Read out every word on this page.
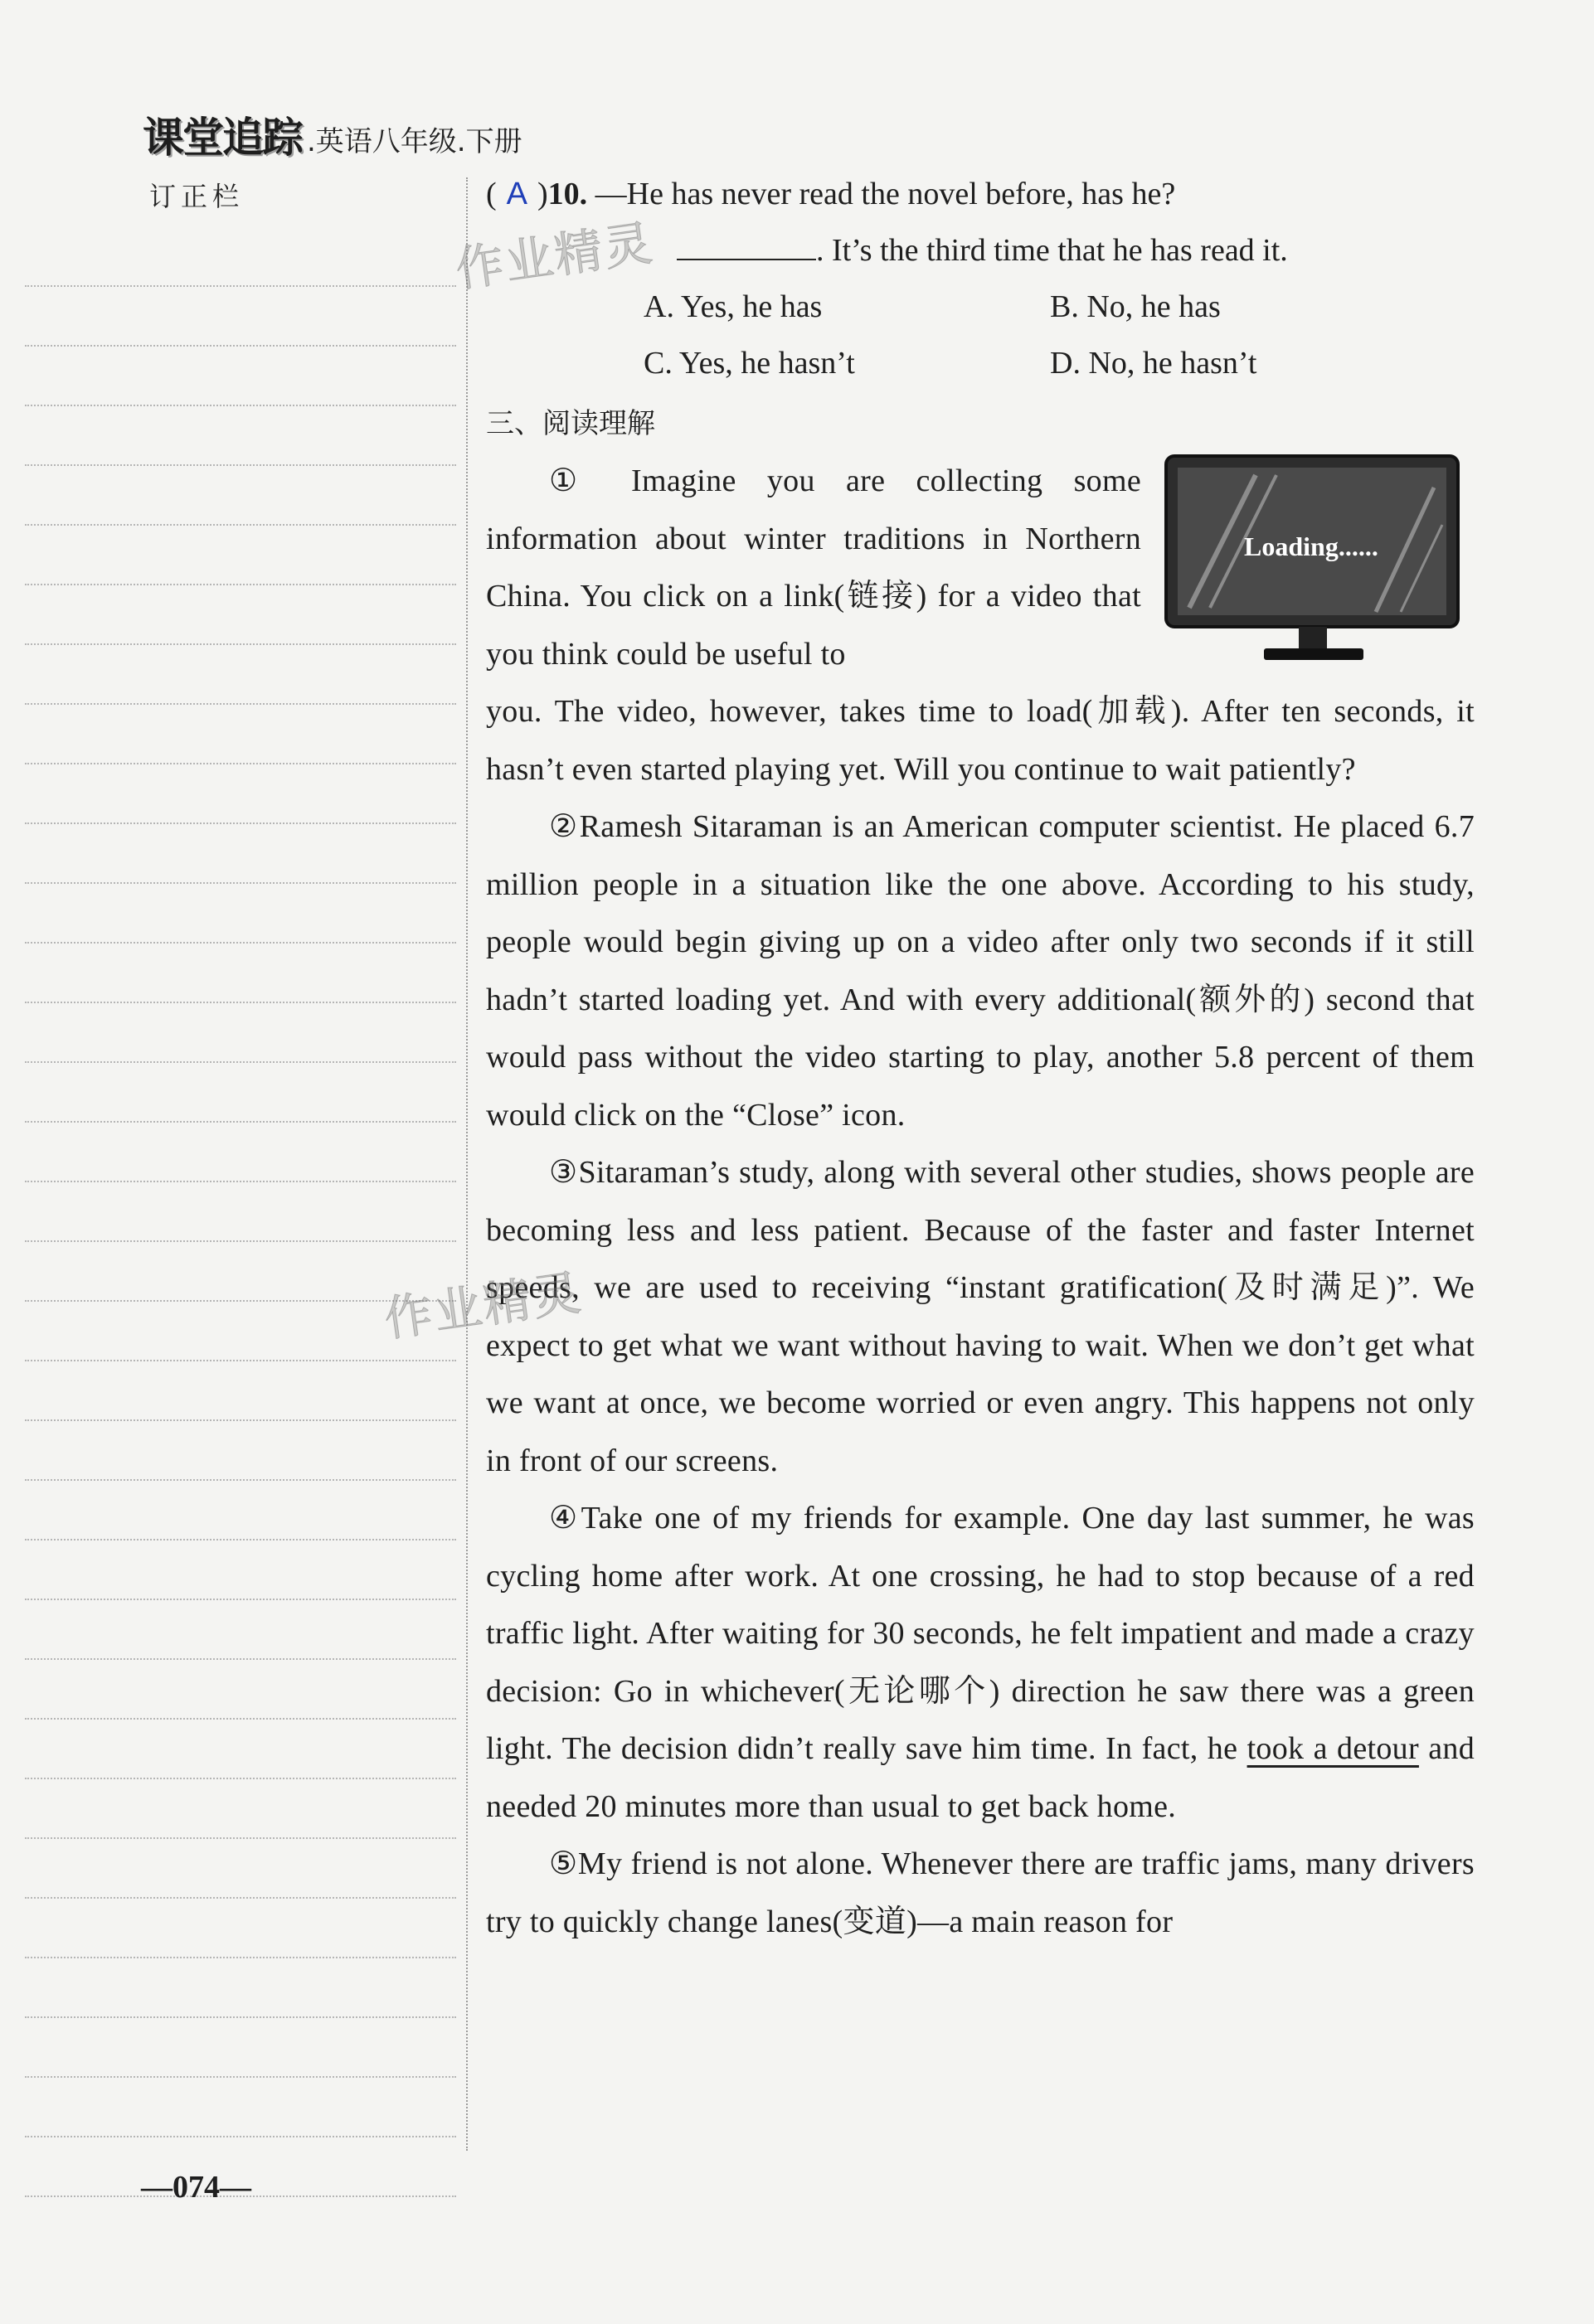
课堂追踪 .英语八年级.下册
订正栏	( A )10. —He has never read the novel before, has he?
. It’s the third time that he has read it.
A. Yes, he has	B. No, he has
C. Yes, he hasn’t	D. No, he hasn’t
三、阅读理解

① Imagine you are collecting some information about winter traditions in Northern China. You click on a link(链接) for a video that you think could be useful to

you. The video, however, takes time to load(加载). After ten seconds, it hasn’t even started playing yet. Will you continue to wait patiently?

②Ramesh Sitaraman is an American computer scientist. He placed 6.7 million people in a situation like the one above. According to his study, people would begin giving up on a video after only two seconds if it still hadn’t started loading yet. And with every additional(额外的) second that would pass without the video starting to play, another 5.8 percent of them would click on the “Close” icon.

③Sitaraman’s study, along with several other studies, shows people are becoming less and less patient. Because of the faster and faster Internet speeds, we are used to receiving “instant gratification(及时满足)”. We expect to get what we want without having to wait. When we don’t get what we want at once, we become worried or even angry. This happens not only in front of our screens.

④Take one of my friends for example. One day last summer, he was cycling home after work. At one crossing, he had to stop because of a red traffic light. After waiting for 30 seconds, he felt impatient and made a crazy decision: Go in whichever(无论哪个) direction he saw there was a green light. The decision didn’t really save him time. In fact, he took a detour and needed 20 minutes more than usual to get back home.

⑤My friend is not alone. Whenever there are traffic jams, many drivers try to quickly change lanes(变道)—a main reason for

Loading......
作业精灵
作业精灵
—074—
